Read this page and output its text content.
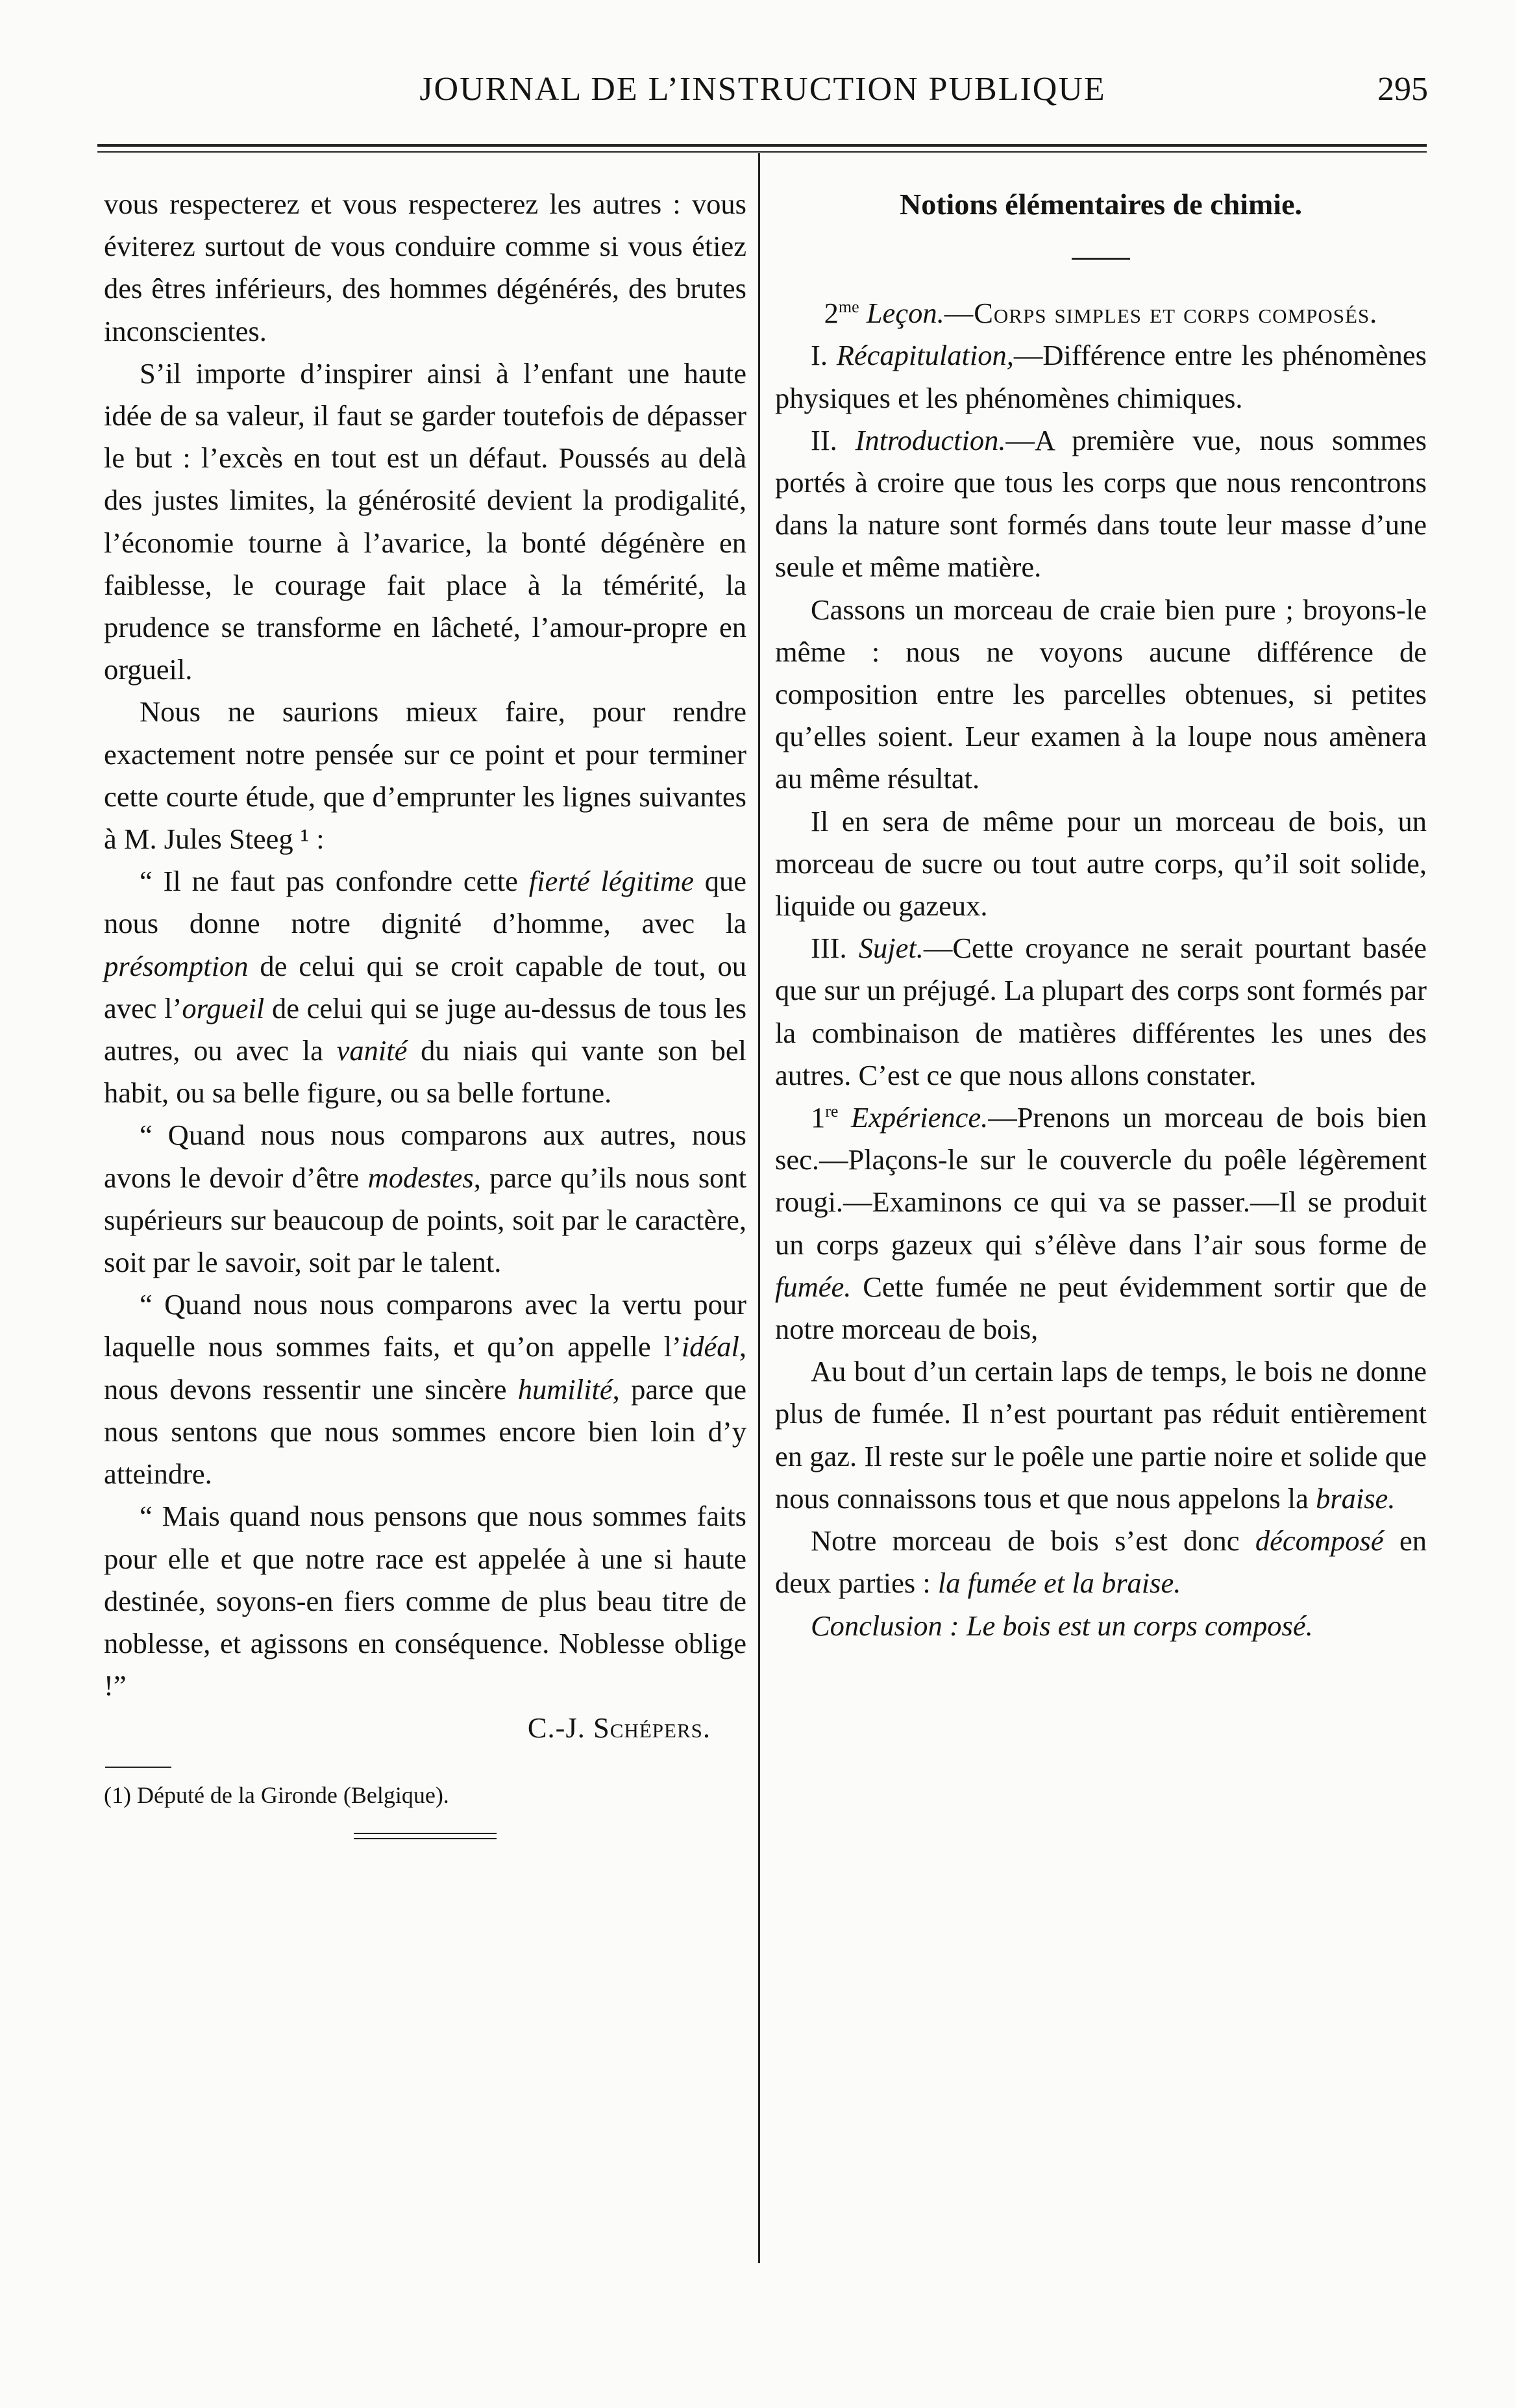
JOURNAL DE L’INSTRUCTION PUBLIQUE	295

vous respecterez et vous respecterez les autres : vous éviterez surtout de vous conduire comme si vous étiez des êtres inférieurs, des hommes dégénérés, des brutes inconscientes.

S’il importe d’inspirer ainsi à l’enfant une haute idée de sa valeur, il faut se garder toutefois de dépasser le but : l’excès en tout est un défaut. Poussés au delà des justes limites, la générosité devient la prodigalité, l’économie tourne à l’avarice, la bonté dégénère en faiblesse, le courage fait place à la témérité, la prudence se transforme en lâcheté, l’amour-propre en orgueil.

Nous ne saurions mieux faire, pour rendre exactement notre pensée sur ce point et pour terminer cette courte étude, que d’emprunter les lignes suivantes à M. Jules Steeg ¹ :

“ Il ne faut pas confondre cette fierté légitime que nous donne notre dignité d’homme, avec la présomption de celui qui se croit capable de tout, ou avec l’orgueil de celui qui se juge au-dessus de tous les autres, ou avec la vanité du niais qui vante son bel habit, ou sa belle figure, ou sa belle fortune.

“ Quand nous nous comparons aux autres, nous avons le devoir d’être modestes, parce qu’ils nous sont supérieurs sur beaucoup de points, soit par le caractère, soit par le savoir, soit par le talent.

“ Quand nous nous comparons avec la vertu pour laquelle nous sommes faits, et qu’on appelle l’idéal, nous devons ressentir une sincère humilité, parce que nous sentons que nous sommes encore bien loin d’y atteindre.

“ Mais quand nous pensons que nous sommes faits pour elle et que notre race est appelée à une si haute destinée, soyons-en fiers comme de plus beau titre de noblesse, et agissons en conséquence. Noblesse oblige !”

C.-J. Schépers.

(1) Député de la Gironde (Belgique).

Notions élémentaires de chimie.

$2^{me}$ Leçon.—Corps simples et corps composés.

I. Récapitulation,—Différence entre les phénomènes physiques et les phénomènes chimiques.

II. Introduction.—A première vue, nous sommes portés à croire que tous les corps que nous rencontrons dans la nature sont formés dans toute leur masse d’une seule et même matière.

Cassons un morceau de craie bien pure ; broyons-le même : nous ne voyons aucune différence de composition entre les parcelles obtenues, si petites qu’elles soient. Leur examen à la loupe nous amènera au même résultat.

Il en sera de même pour un morceau de bois, un morceau de sucre ou tout autre corps, qu’il soit solide, liquide ou gazeux.

III. Sujet.—Cette croyance ne serait pourtant basée que sur un préjugé. La plupart des corps sont formés par la combinaison de matières différentes les unes des autres. C’est ce que nous allons constater.

1re Expérience.—Prenons un morceau de bois bien sec.—Plaçons-le sur le couvercle du poêle légèrement rougi.—Examinons ce qui va se passer.—Il se produit un corps gazeux qui s’élève dans l’air sous forme de fumée. Cette fumée ne peut évidemment sortir que de notre morceau de bois,

Au bout d’un certain laps de temps, le bois ne donne plus de fumée. Il n’est pourtant pas réduit entièrement en gaz. Il reste sur le poêle une partie noire et solide que nous connaissons tous et que nous appelons la braise.

Notre morceau de bois s’est donc décomposé en deux parties : la fumée et la braise.

Conclusion : Le bois est un corps composé.
